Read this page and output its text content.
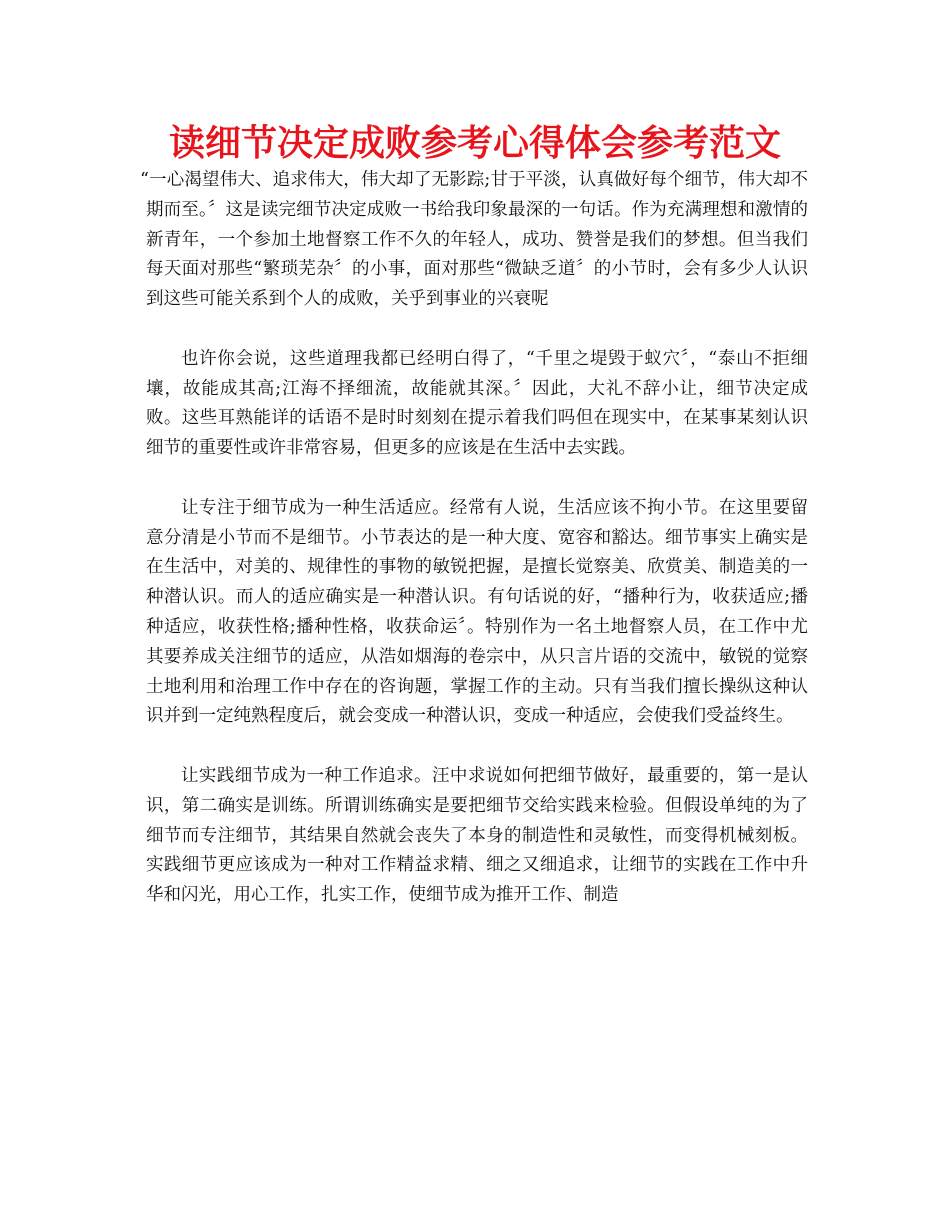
读细节决定成败参考心得体会参考范文

“一心渴望伟大、追求伟大，伟大却了无影踪;甘于平淡，认真做好每个细节，伟大却不期而至。〞这是读完细节决定成败一书给我印象最深的一句话。作为充满理想和激情的新青年，一个参加土地督察工作不久的年轻人，成功、赞誉是我们的梦想。但当我们每天面对那些“繁琐芜杂〞的小事，面对那些“微缺乏道〞的小节时，会有多少人认识到这些可能关系到个人的成败，关乎到事业的兴衰呢

也许你会说，这些道理我都已经明白得了，“千里之堤毁于蚁穴〞，“泰山不拒细壤，故能成其高;江海不择细流，故能就其深。〞因此，大礼不辞小让，细节决定成败。这些耳熟能详的话语不是时时刻刻在提示着我们吗但在现实中，在某事某刻认识细节的重要性或许非常容易，但更多的应该是在生活中去实践。

让专注于细节成为一种生活适应。经常有人说，生活应该不拘小节。在这里要留意分清是小节而不是细节。小节表达的是一种大度、宽容和豁达。细节事实上确实是在生活中，对美的、规律性的事物的敏锐把握，是擅长觉察美、欣赏美、制造美的一种潜认识。而人的适应确实是一种潜认识。有句话说的好，“播种行为，收获适应;播种适应，收获性格;播种性格，收获命运〞。特别作为一名土地督察人员，在工作中尤其要养成关注细节的适应，从浩如烟海的卷宗中，从只言片语的交流中，敏锐的觉察土地利用和治理工作中存在的咨询题，掌握工作的主动。只有当我们擅长操纵这种认识并到一定纯熟程度后，就会变成一种潜认识，变成一种适应，会使我们受益终生。

让实践细节成为一种工作追求。汪中求说如何把细节做好，最重要的，第一是认识，第二确实是训练。所谓训练确实是要把细节交给实践来检验。但假设单纯的为了细节而专注细节，其结果自然就会丧失了本身的制造性和灵敏性，而变得机械刻板。实践细节更应该成为一种对工作精益求精、细之又细追求，让细节的实践在工作中升华和闪光，用心工作，扎实工作，使细节成为推开工作、制造
